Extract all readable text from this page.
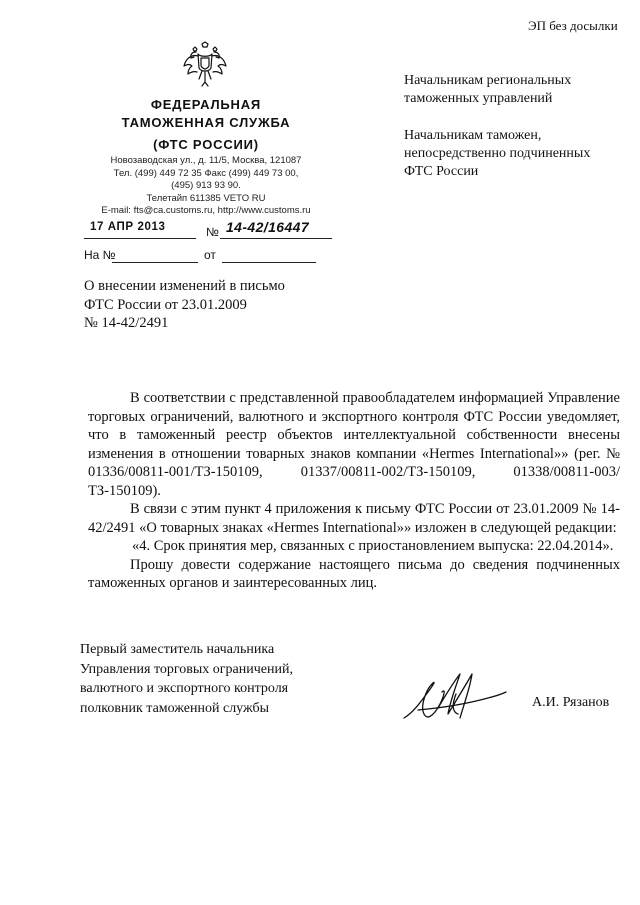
ЭП без досылки
ФЕДЕРАЛЬНАЯ
ТАМОЖЕННАЯ СЛУЖБА
(ФТС РОССИИ)
Новозаводская ул., д. 11/5, Москва, 121087
Тел. (499) 449 72 35 Факс (499) 449 73 00,
(495) 913 93 90.
Телетайп 611385 VETO RU
E-mail: fts@ca.customs.ru, http://www.customs.ru
17 АПР 2013	№ 14-42/16447
На №	от
О внесении изменений в письмо
ФТС России от 23.01.2009
№ 14-42/2491
Начальникам региональных
таможенных управлений
Начальникам таможен,
непосредственно подчиненных
ФТС России

В соответствии с представленной правообладателем информацией Управление торговых ограничений, валютного и экспортного контроля ФТС России уведомляет, что в таможенный реестр объектов интеллектуальной собственности внесены изменения в отношении товарных знаков компании «Hermes International»» (рег. № 01336/00811-001/ТЗ-150109, 01337/00811-002/ТЗ-150109, 01338/00811-003/ТЗ-150109).

В связи с этим пункт 4 приложения к письму ФТС России от 23.01.2009 № 14-42/2491 «О товарных знаках «Hermes International»» изложен в следующей редакции:

«4. Срок принятия мер, связанных с приостановлением выпуска: 22.04.2014».

Прошу довести содержание настоящего письма до сведения подчиненных таможенных органов и заинтересованных лиц.

Первый заместитель начальника
Управления торговых ограничений,
валютного и экспортного контроля
полковник таможенной службы	А.И. Рязанов
